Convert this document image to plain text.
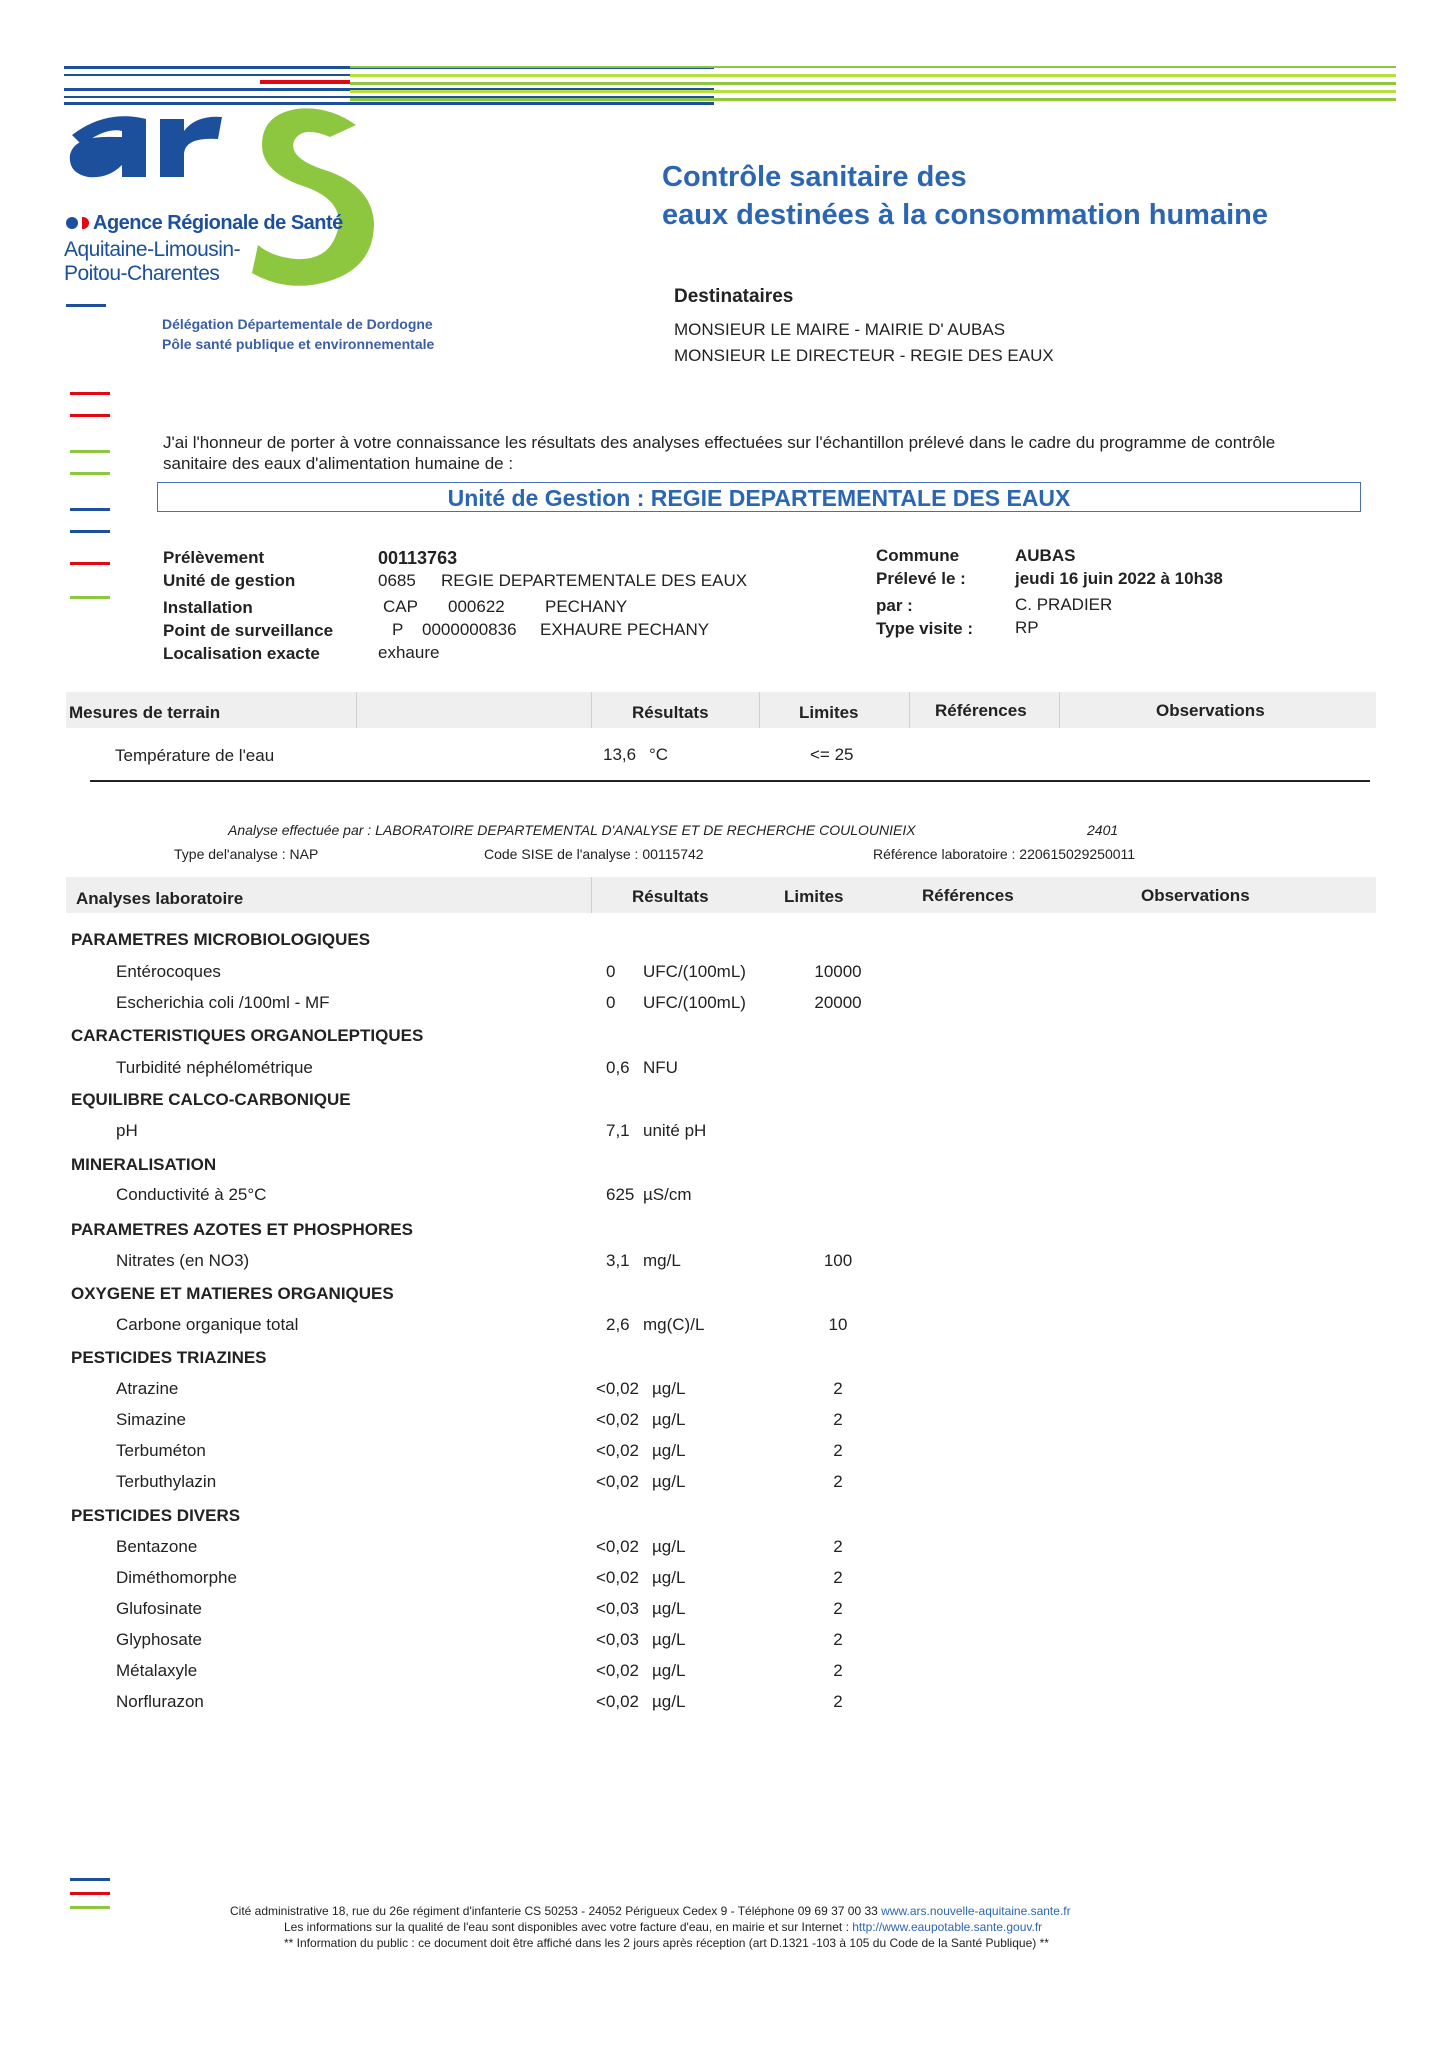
Agence Régionale de Santé
Aquitaine-Limousin-
Poitou-Charentes
Délégation Départementale de Dordogne
Pôle santé publique et environnementale
Contrôle sanitaire des
eaux destinées à la consommation humaine
Destinataires
MONSIEUR LE MAIRE - MAIRIE D' AUBAS
MONSIEUR LE DIRECTEUR - REGIE DES EAUX
J'ai l'honneur de porter à votre connaissance les résultats des analyses effectuées sur l'échantillon prélevé dans le cadre du programme de contrôle sanitaire des eaux d'alimentation humaine de :
Unité de Gestion : REGIE DEPARTEMENTALE DES EAUX
Prélèvement	00113763
Unité de gestion	0685 REGIE DEPARTEMENTALE DES EAUX
Installation	CAP 000622 PECHANY
Point de surveillance	P 0000000836 EXHAURE PECHANY
Localisation exacte	exhaure
Commune	AUBAS
Prélevé le :	jeudi 16 juin 2022 à 10h38
par :	C. PRADIER
Type visite : RP
Mesures de terrain	Résultats	Limites	Références	Observations
Température de l'eau	13,6 °C	<= 25
Analyse effectuée par : LABORATOIRE DEPARTEMENTAL D'ANALYSE ET DE RECHERCHE COULOUNIEIX	2401
Type del'analyse : NAP	Code SISE de l'analyse : 00115742	Référence laboratoire : 220615029250011
Analyses laboratoire	Résultats	Limites	Références	Observations
PARAMETRES MICROBIOLOGIQUES
Entérocoques	0 UFC/(100mL)	10000
Escherichia coli /100ml - MF	0 UFC/(100mL)	20000
CARACTERISTIQUES ORGANOLEPTIQUES
Turbidité néphélométrique	0,6 NFU
EQUILIBRE CALCO-CARBONIQUE
pH	7,1 unité pH
MINERALISATION
Conductivité à 25°C	625 µS/cm
PARAMETRES AZOTES ET PHOSPHORES
Nitrates (en NO3)	3,1 mg/L	100
OXYGENE ET MATIERES ORGANIQUES
Carbone organique total	2,6 mg(C)/L	10
PESTICIDES TRIAZINES
Atrazine	<0,02 µg/L	2
Simazine	<0,02 µg/L	2
Terbuméton	<0,02 µg/L	2
Terbuthylazin	<0,02 µg/L	2
PESTICIDES DIVERS
Bentazone	<0,02 µg/L	2
Diméthomorphe	<0,02 µg/L	2
Glufosinate	<0,03 µg/L	2
Glyphosate	<0,03 µg/L	2
Métalaxyle	<0,02 µg/L	2
Norflurazon	<0,02 µg/L	2
Cité administrative 18, rue du 26e régiment d'infanterie CS 50253 - 24052 Périgueux Cedex 9 - Téléphone 09 69 37 00 33 www.ars.nouvelle-aquitaine.sante.fr
Les informations sur la qualité de l'eau sont disponibles avec votre facture d'eau, en mairie et sur Internet : http://www.eaupotable.sante.gouv.fr
** Information du public : ce document doit être affiché dans les 2 jours après réception (art D.1321 -103 à 105 du Code de la Santé Publique) **
